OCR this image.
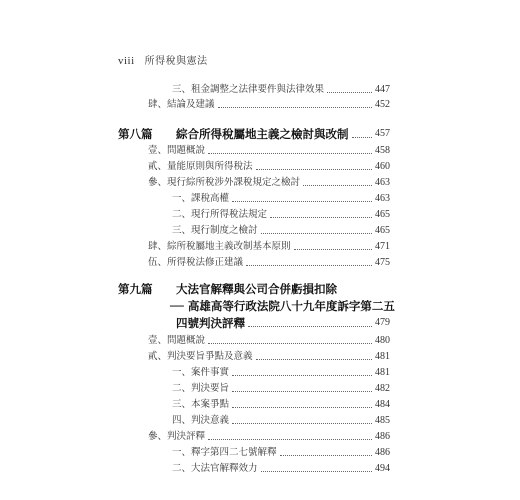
viii 所得稅與憲法
三、租金調整之法律要件與法律效果	447
肆、結論及建議	452
第八篇	綜合所得稅屬地主義之檢討與改制	457
壹、問題概說	458
貳、量能原則與所得稅法	460
參、現行綜所稅涉外課稅規定之檢討	463
一、課稅高權	463
二、現行所得稅法規定	465
三、現行制度之檢討	465
肆、綜所稅屬地主義改制基本原則	471
伍、所得稅法修正建議	475
第九篇 大法官解釋與公司合併虧損扣除
── 高雄高等行政法院八十九年度訴字第二五
四號判決評釋	479
壹、問題概說	480
貳、判決要旨爭點及意義	481
一、案件事實	481
二、判決要旨	482
三、本案爭點	484
四、判決意義	485
參、判決評釋	486
一、釋字第四二七號解釋	486
二、大法官解釋效力	494
